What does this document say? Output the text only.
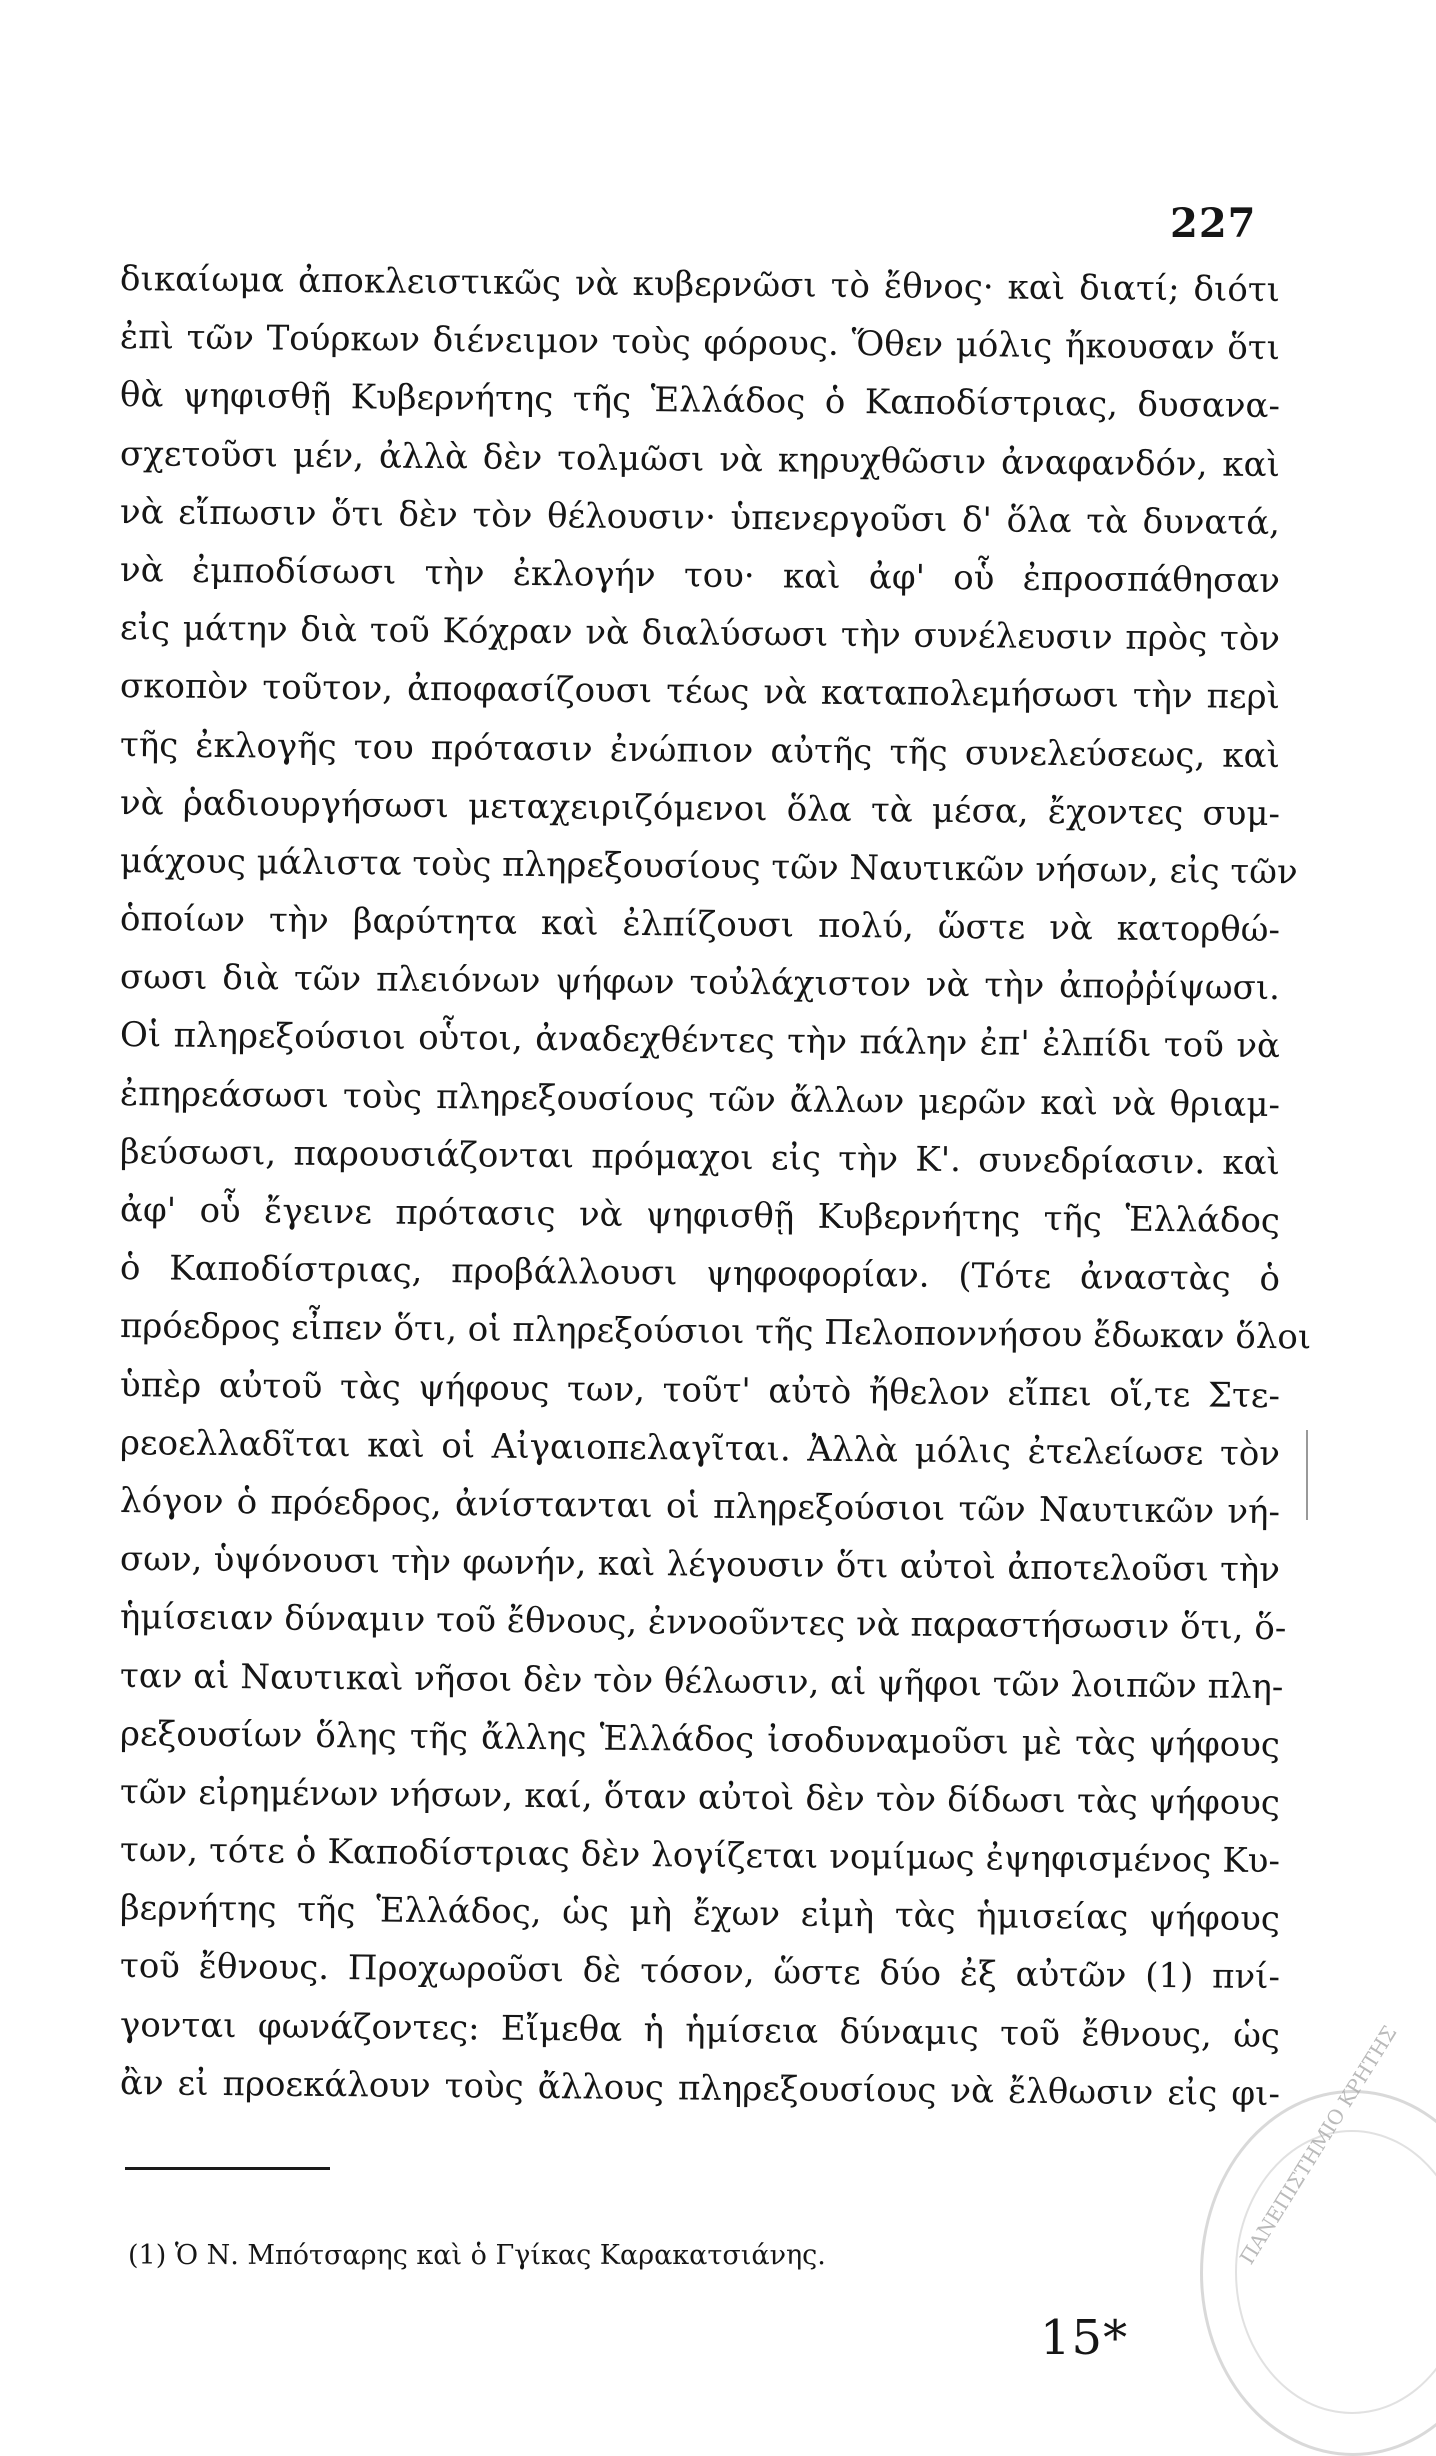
227
δικαίωμα ἀποκλειστικῶς νὰ κυβερνῶσι τὸ ἔθνος· καὶ διατί; διότι
ἐπὶ τῶν Τούρκων διένειμον τοὺς φόρους. Ὅθεν μόλις ἤκουσαν ὅτι
θὰ ψηφισθῇ Κυβερνήτης τῆς Ἑλλάδος ὁ Καποδίστριας, δυσανα-
σχετοῦσι μέν, ἀλλὰ δὲν τολμῶσι νὰ κηρυχθῶσιν ἀναφανδόν, καὶ
νὰ εἴπωσιν ὅτι δὲν τὸν θέλουσιν· ὑπενεργοῦσι δ' ὅλα τὰ δυνατά,
νὰ ἐμποδίσωσι τὴν ἐκλογήν του· καὶ ἀφ' οὗ ἐπροσπάθησαν
εἰς μάτην διὰ τοῦ Κόχραν νὰ διαλύσωσι τὴν συνέλευσιν πρὸς τὸν
σκοπὸν τοῦτον, ἀποφασίζουσι τέως νὰ καταπολεμήσωσι τὴν περὶ
τῆς ἐκλογῆς του πρότασιν ἐνώπιον αὐτῆς τῆς συνελεύσεως, καὶ
νὰ ῥαδιουργήσωσι μεταχειριζόμενοι ὅλα τὰ μέσα, ἔχοντες συμ-
μάχους μάλιστα τοὺς πληρεξουσίους τῶν Ναυτικῶν νήσων, εἰς τῶν
ὁποίων τὴν βαρύτητα καὶ ἐλπίζουσι πολύ, ὥστε νὰ κατορθώ-
σωσι διὰ τῶν πλειόνων ψήφων τοὐλάχιστον νὰ τὴν ἀποῤῥίψωσι.
Οἱ πληρεξούσιοι οὗτοι, ἀναδεχθέντες τὴν πάλην ἐπ' ἐλπίδι τοῦ νὰ
ἐπηρεάσωσι τοὺς πληρεξουσίους τῶν ἄλλων μερῶν καὶ νὰ θριαμ-
βεύσωσι, παρουσιάζονται πρόμαχοι εἰς τὴν Κ'. συνεδρίασιν. καὶ
ἀφ' οὗ ἔγεινε πρότασις νὰ ψηφισθῇ Κυβερνήτης τῆς Ἑλλάδος
ὁ Καποδίστριας, προβάλλουσι ψηφοφορίαν. (Τότε ἀναστὰς ὁ
πρόεδρος εἶπεν ὅτι, οἱ πληρεξούσιοι τῆς Πελοποννήσου ἔδωκαν ὅλοι
ὑπὲρ αὐτοῦ τὰς ψήφους των, τοῦτ' αὐτὸ ἤθελον εἴπει οἵ,τε Στε-
ρεοελλαδῖται καὶ οἱ Αἰγαιοπελαγῖται. Ἀλλὰ μόλις ἐτελείωσε τὸν
λόγον ὁ πρόεδρος, ἀνίστανται οἱ πληρεξούσιοι τῶν Ναυτικῶν νή-
σων, ὑψόνουσι τὴν φωνήν, καὶ λέγουσιν ὅτι αὐτοὶ ἀποτελοῦσι τὴν
ἡμίσειαν δύναμιν τοῦ ἔθνους, ἐννοοῦντες νὰ παραστήσωσιν ὅτι, ὅ-
ταν αἱ Ναυτικαὶ νῆσοι δὲν τὸν θέλωσιν, αἱ ψῆφοι τῶν λοιπῶν πλη-
ρεξουσίων ὅλης τῆς ἄλλης Ἑλλάδος ἰσοδυναμοῦσι μὲ τὰς ψήφους
τῶν εἰρημένων νήσων, καί, ὅταν αὐτοὶ δὲν τὸν δίδωσι τὰς ψήφους
των, τότε ὁ Καποδίστριας δὲν λογίζεται νομίμως ἐψηφισμένος Κυ-
βερνήτης τῆς Ἑλλάδος, ὡς μὴ ἔχων εἰμὴ τὰς ἡμισείας ψήφους
τοῦ ἔθνους. Προχωροῦσι δὲ τόσον, ὥστε δύο ἐξ αὐτῶν (1) πνί-
γονται φωνάζοντες: Εἴμεθα ἡ ἡμίσεια δύναμις τοῦ ἔθνους, ὡς
ἂν εἰ προεκάλουν τοὺς ἄλλους πληρεξουσίους νὰ ἔλθωσιν εἰς φι-
(1) Ὁ Ν. Μπότσαρης καὶ ὁ Γγίκας Καρακατσιάνης.
15*
ΠΑΝΕΠΙΣΤΗΜΙΟ ΚΡΗΤΗΣ
